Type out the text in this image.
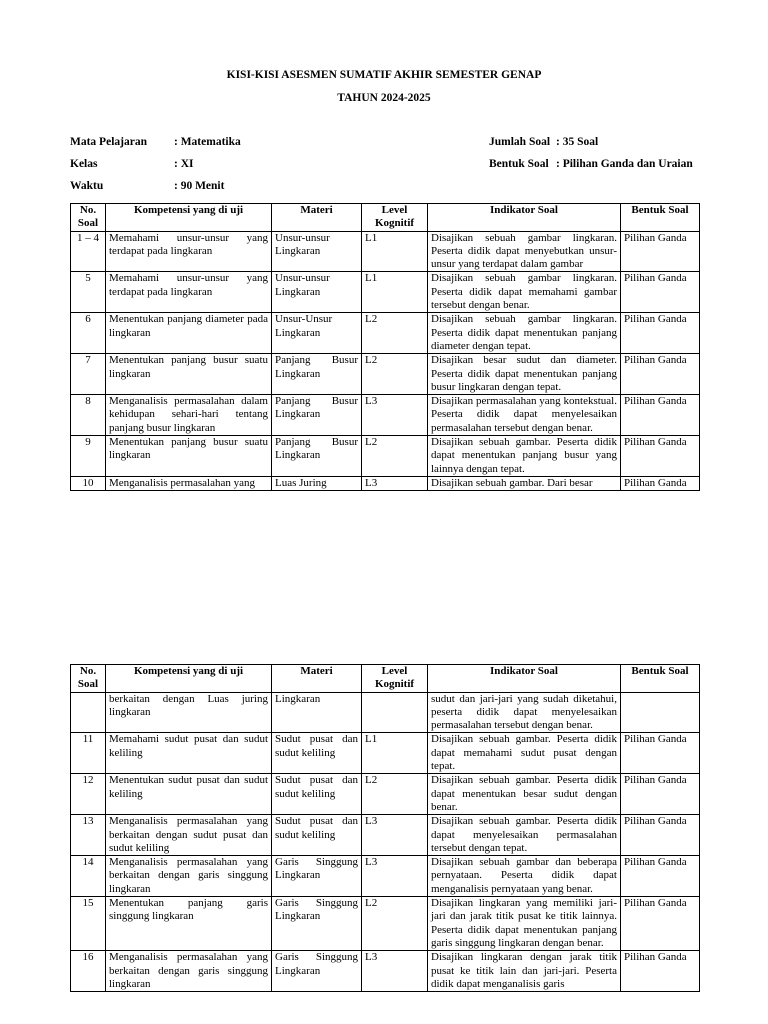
KISI-KISI ASESMEN SUMATIF AKHIR SEMESTER GENAP
TAHUN 2024-2025
Mata Pelajaran : Matematika
Kelas	: XI
Waktu	: 90 Menit
Jumlah Soal : 35 Soal
Bentuk Soal : Pilihan Ganda dan Uraian
No. Soal	Kompetensi yang di uji	Materi	Level Kognitif	Indikator Soal	Bentuk Soal
1 – 4	Memahami unsur-unsur yang terdapat pada lingkaran	Unsur-unsur Lingkaran	L1	Disajikan sebuah gambar lingkaran. Peserta didik dapat menyebutkan unsur-unsur yang terdapat dalam gambar	Pilihan Ganda
5	Memahami unsur-unsur yang terdapat pada lingkaran	Unsur-unsur Lingkaran	L1	Disajikan sebuah gambar lingkaran. Peserta didik dapat memahami gambar tersebut dengan benar.	Pilihan Ganda
6	Menentukan panjang diameter pada lingkaran	Unsur-Unsur Lingkaran	L2	Disajikan sebuah gambar lingkaran. Peserta didik dapat menentukan panjang diameter dengan tepat.	Pilihan Ganda
7	Menentukan panjang busur suatu lingkaran	Panjang Busur Lingkaran	L2	Disajikan besar sudut dan diameter. Peserta didik dapat menentukan panjang busur lingkaran dengan tepat.	Pilihan Ganda
8	Menganalisis permasalahan dalam kehidupan sehari-hari tentang panjang busur lingkaran	Panjang Busur Lingkaran	L3	Disajikan permasalahan yang kontekstual. Peserta didik dapat menyelesaikan permasalahan tersebut dengan benar.	Pilihan Ganda
9	Menentukan panjang busur suatu lingkaran	Panjang Busur Lingkaran	L2	Disajikan sebuah gambar. Peserta didik dapat menentukan panjang busur yang lainnya dengan tepat.	Pilihan Ganda
10	Menganalisis permasalahan yang	Luas Juring	L3	Disajikan sebuah gambar. Dari besar	Pilihan Ganda
No. Soal	Kompetensi yang di uji	Materi	Level Kognitif	Indikator Soal	Bentuk Soal
	berkaitan dengan Luas juring lingkaran	Lingkaran		sudut dan jari-jari yang sudah diketahui, peserta didik dapat menyelesaikan permasalahan tersebut dengan benar.	
11	Memahami sudut pusat dan sudut keliling	Sudut pusat dan sudut keliling	L1	Disajikan sebuah gambar. Peserta didik dapat memahami sudut pusat dengan tepat.	Pilihan Ganda
12	Menentukan sudut pusat dan sudut keliling	Sudut pusat dan sudut keliling	L2	Disajikan sebuah gambar. Peserta didik dapat menentukan besar sudut dengan benar.	Pilihan Ganda
13	Menganalisis permasalahan yang berkaitan dengan sudut pusat dan sudut keliling	Sudut pusat dan sudut keliling	L3	Disajikan sebuah gambar. Peserta didik dapat menyelesaikan permasalahan tersebut dengan tepat.	Pilihan Ganda
14	Menganalisis permasalahan yang berkaitan dengan garis singgung lingkaran	Garis Singgung Lingkaran	L3	Disajikan sebuah gambar dan beberapa pernyataan. Peserta didik dapat menganalisis pernyataan yang benar.	Pilihan Ganda
15	Menentukan panjang garis singgung lingkaran	Garis Singgung Lingkaran	L2	Disajikan lingkaran yang memiliki jari-jari dan jarak titik pusat ke titik lainnya. Peserta didik dapat menentukan panjang garis singgung lingkaran dengan benar.	Pilihan Ganda
16	Menganalisis permasalahan yang berkaitan dengan garis singgung lingkaran	Garis Singgung Lingkaran	L3	Disajikan lingkaran dengan jarak titik pusat ke titik lain dan jari-jari. Peserta didik dapat menganalisis garis	Pilihan Ganda
